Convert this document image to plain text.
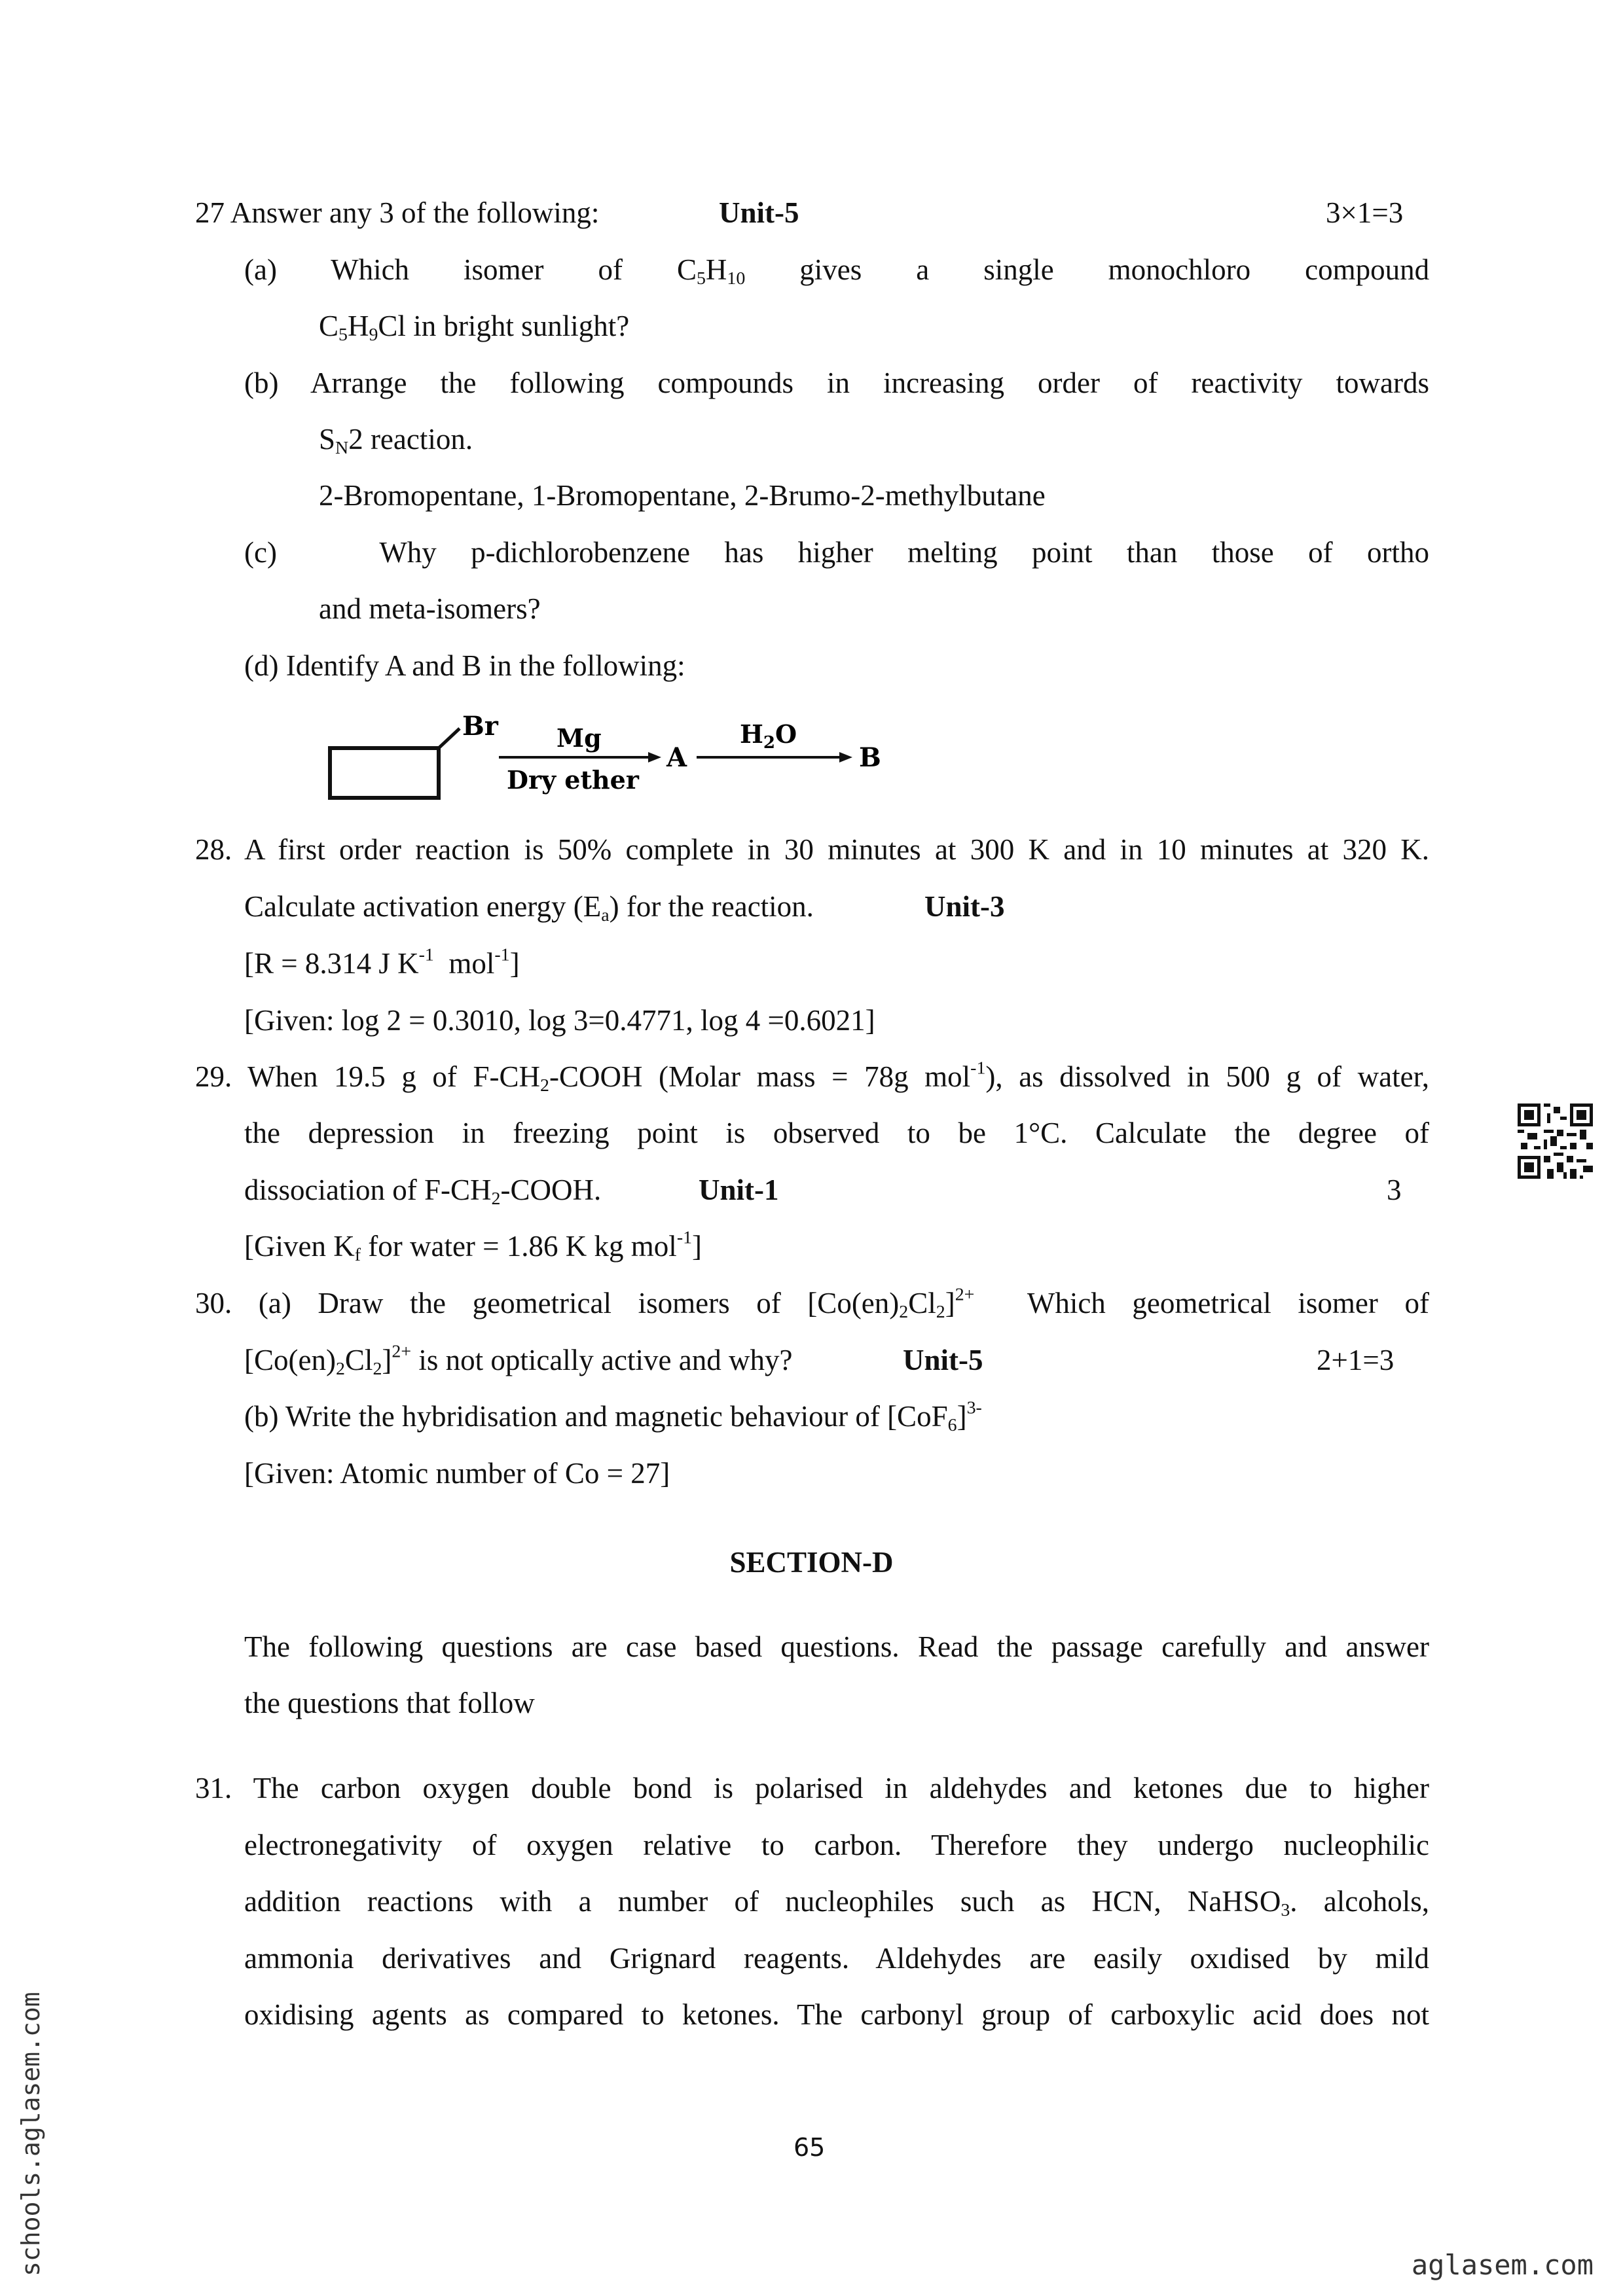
27 Answer any 3 of the following:	Unit-5	3×1=3
(a) Which isomer of $C_5H_{10}$ gives a single monochloro compound
$C_5H_9Cl$ in bright sunlight?
(b) Arrange the following compounds in increasing order of reactivity towards
$S_N2$ reaction.
2-Bromopentane, 1-Bromopentane, 2-Brumo-2-methylbutane
(c)	Why p-dichlorobenzene has higher melting point than those of ortho
and meta-isomers?
(d) Identify A and B in the following:
Br Mg
Dry ether
A
$H_2O$
B
28. A first order reaction is 50% complete in 30 minutes at 300 K and in 10 minutes at 320 K.
Calculate activation energy $(E_a)$ for the reaction.	Unit-3
[R = 8.314 J $K^{-1}$ mol$^{-1}$]
[Given: log 2 = 0.3010, log 3=0.4771, log 4 =0.6021]
29. When 19.5 g of $F-CH_2$-COOH (Molar mass = 78g mol$^{-1}$), as dissolved in 500 g of water,
the depression in freezing point is observed to be 1°C. Calculate the degree of
dissociation of $F-CH_2$-COOH.	Unit-1	3
[Given $K_f$ for water = 1.86 K kg mol$^{-1}$]
30. (a) Draw the geometrical isomers of $[Co(en)_2Cl_2]^{2+}$ Which geometrical isomer of
$[Co(en)_2Cl_2]^{2+}$ is not optically active and why?	Unit-5	2+1=3
(b) Write the hybridisation and magnetic behaviour of $[CoF_6]^{3-}$
[Given: Atomic number of Co = 27]
SECTION-D
The following questions are case based questions. Read the passage carefully and answer
the questions that follow
31. The carbon oxygen double bond is polarised in aldehydes and ketones due to higher
electronegativity of oxygen relative to carbon. Therefore they undergo nucleophilic
addition reactions with a number of nucleophiles such as HCN, NaHSO$_3$. alcohols,
ammonia derivatives and Grignard reagents. Aldehydes are easily oxıdised by mild
oxidising agents as compared to ketones. The carbonyl group of carboxylic acid does not
65
schools.aglasem.com	aglasem.com
